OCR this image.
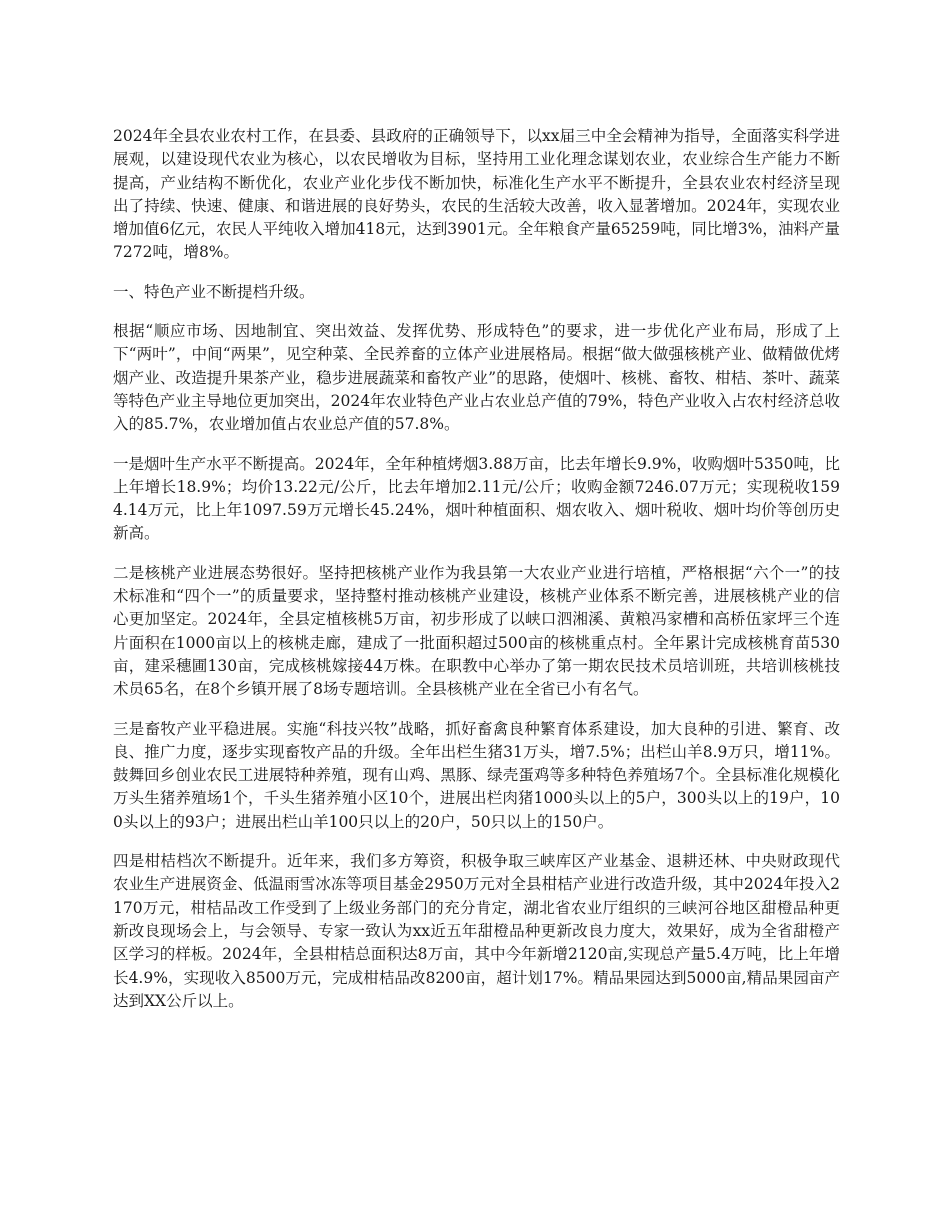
2024年全县农业农村工作，在县委、县政府的正确领导下，以xx届三中全会精神为指导，全面落实科学进展观，以建设现代农业为核心，以农民增收为目标，坚持用工业化理念谋划农业，农业综合生产能力不断提高，产业结构不断优化，农业产业化步伐不断加快，标准化生产水平不断提升，全县农业农村经济呈现出了持续、快速、健康、和谐进展的良好势头，农民的生活较大改善，收入显著增加。2024年，实现农业增加值6亿元，农民人平纯收入增加418元，达到3901元。全年粮食产量65259吨，同比增3%，油料产量7272吨，增8%。

一、特色产业不断提档升级。

根据“顺应市场、因地制宜、突出效益、发挥优势、形成特色”的要求，进一步优化产业布局，形成了上下“两叶”，中间“两果”，见空种菜、全民养畜的立体产业进展格局。根据“做大做强核桃产业、做精做优烤烟产业、改造提升果茶产业，稳步进展蔬菜和畜牧产业”的思路，使烟叶、核桃、畜牧、柑桔、茶叶、蔬菜等特色产业主导地位更加突出，2024年农业特色产业占农业总产值的79%，特色产业收入占农村经济总收入的85.7%，农业增加值占农业总产值的57.8%。

一是烟叶生产水平不断提高。2024年，全年种植烤烟3.88万亩，比去年增长9.9%，收购烟叶5350吨，比上年增长18.9%；均价13.22元/公斤，比去年增加2.11元/公斤；收购金额7246.07万元；实现税收1594.14万元，比上年1097.59万元增长45.24%，烟叶种植面积、烟农收入、烟叶税收、烟叶均价等创历史新高。

二是核桃产业进展态势很好。坚持把核桃产业作为我县第一大农业产业进行培植，严格根据“六个一”的技术标准和“四个一”的质量要求，坚持整村推动核桃产业建设，核桃产业体系不断完善，进展核桃产业的信心更加坚定。2024年，全县定植核桃5万亩，初步形成了以峡口泗湘溪、黄粮冯家槽和高桥伍家坪三个连片面积在1000亩以上的核桃走廊，建成了一批面积超过500亩的核桃重点村。全年累计完成核桃育苗530亩，建采穗圃130亩，完成核桃嫁接44万株。在职教中心举办了第一期农民技术员培训班，共培训核桃技术员65名，在8个乡镇开展了8场专题培训。全县核桃产业在全省已小有名气。

三是畜牧产业平稳进展。实施“科技兴牧”战略，抓好畜禽良种繁育体系建设，加大良种的引进、繁育、改良、推广力度，逐步实现畜牧产品的升级。全年出栏生猪31万头，增7.5%；出栏山羊8.9万只，增11%。鼓舞回乡创业农民工进展特种养殖，现有山鸡、黑豚、绿壳蛋鸡等多种特色养殖场7个。全县标准化规模化万头生猪养殖场1个，千头生猪养殖小区10个，进展出栏肉猪1000头以上的5户，300头以上的19户，100头以上的93户；进展出栏山羊100只以上的20户，50只以上的150户。

四是柑桔档次不断提升。近年来，我们多方筹资，积极争取三峡库区产业基金、退耕还林、中央财政现代农业生产进展资金、低温雨雪冰冻等项目基金2950万元对全县柑桔产业进行改造升级，其中2024年投入2170万元，柑桔品改工作受到了上级业务部门的充分肯定，湖北省农业厅组织的三峡河谷地区甜橙品种更新改良现场会上，与会领导、专家一致认为xx近五年甜橙品种更新改良力度大，效果好，成为全省甜橙产区学习的样板。2024年，全县柑桔总面积达8万亩，其中今年新增2120亩,实现总产量5.4万吨，比上年增长4.9%，实现收入8500万元，完成柑桔品改8200亩，超计划17%。精品果园达到5000亩,精品果园亩产达到XX公斤以上。
